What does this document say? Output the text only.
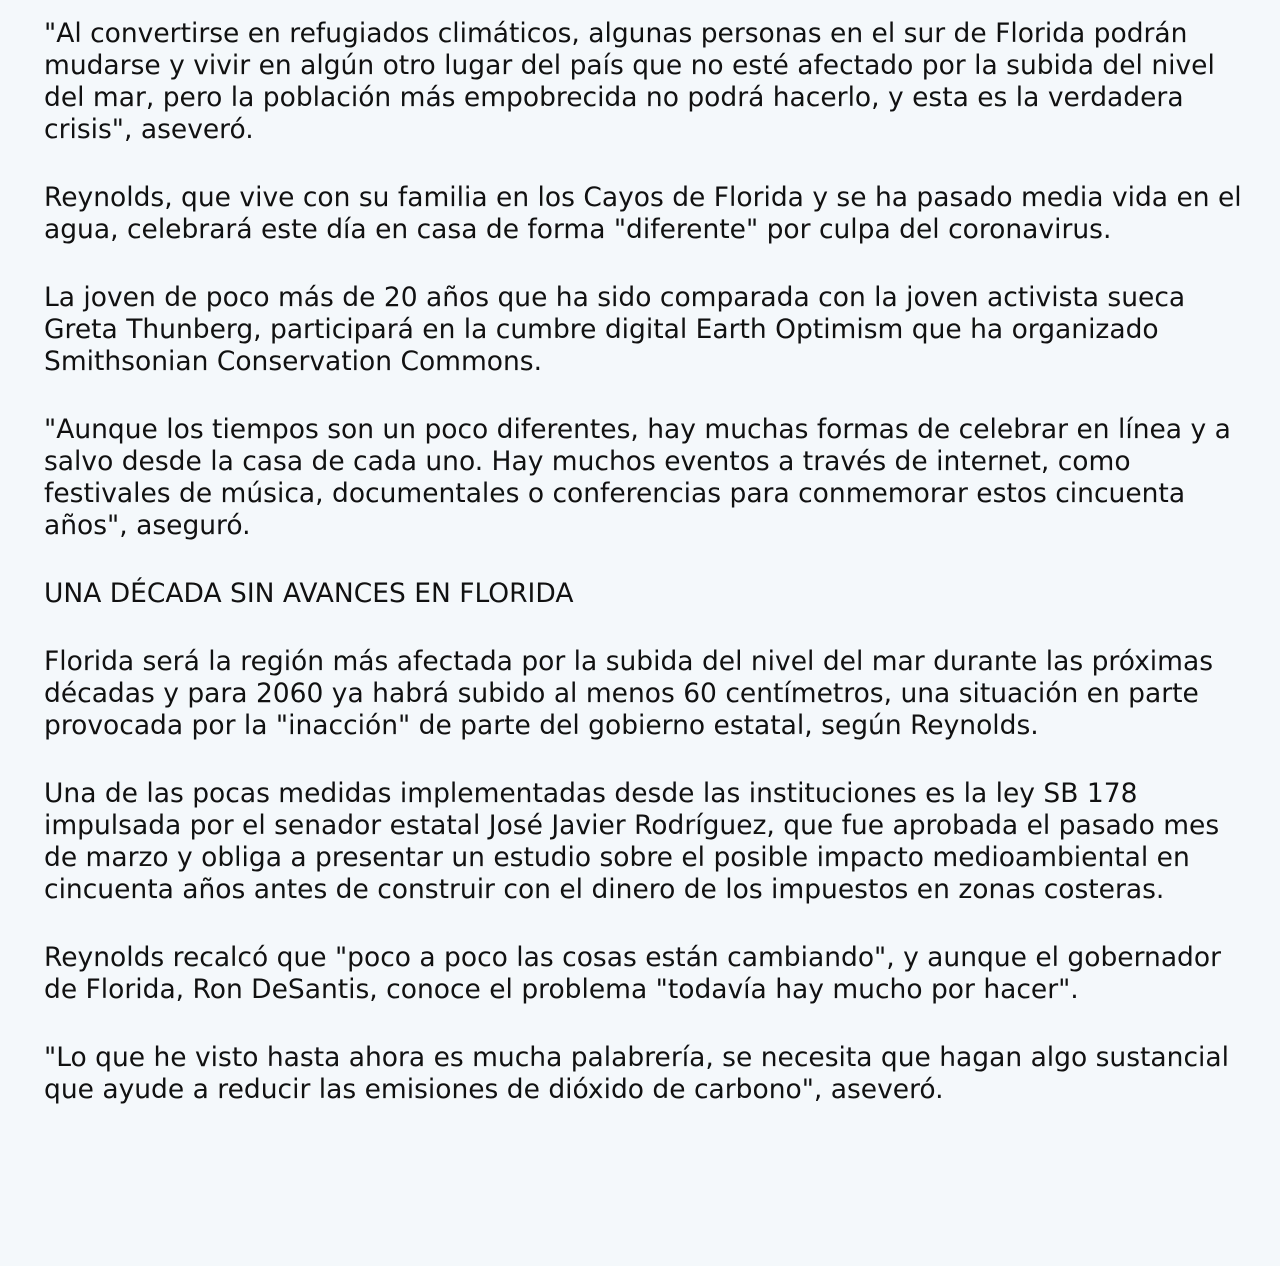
"Al convertirse en refugiados climáticos, algunas personas en el sur de Florida podrán mudarse y vivir en algún otro lugar del país que no esté afectado por la subida del nivel del mar, pero la población más empobrecida no podrá hacerlo, y esta es la verdadera crisis", aseveró.

Reynolds, que vive con su familia en los Cayos de Florida y se ha pasado media vida en el agua, celebrará este día en casa de forma "diferente" por culpa del coronavirus.

La joven de poco más de 20 años que ha sido comparada con la joven activista sueca Greta Thunberg, participará en la cumbre digital Earth Optimism que ha organizado Smithsonian Conservation Commons.

"Aunque los tiempos son un poco diferentes, hay muchas formas de celebrar en línea y a salvo desde la casa de cada uno. Hay muchos eventos a través de internet, como festivales de música, documentales o conferencias para conmemorar estos cincuenta años", aseguró.

UNA DÉCADA SIN AVANCES EN FLORIDA

Florida será la región más afectada por la subida del nivel del mar durante las próximas décadas y para 2060 ya habrá subido al menos 60 centímetros, una situación en parte provocada por la "inacción" de parte del gobierno estatal, según Reynolds.

Una de las pocas medidas implementadas desde las instituciones es la ley SB 178 impulsada por el senador estatal José Javier Rodríguez, que fue aprobada el pasado mes de marzo y obliga a presentar un estudio sobre el posible impacto medioambiental en cincuenta años antes de construir con el dinero de los impuestos en zonas costeras.

Reynolds recalcó que "poco a poco las cosas están cambiando", y aunque el gobernador de Florida, Ron DeSantis, conoce el problema "todavía hay mucho por hacer".

"Lo que he visto hasta ahora es mucha palabrería, se necesita que hagan algo sustancial que ayude a reducir las emisiones de dióxido de carbono", aseveró.
